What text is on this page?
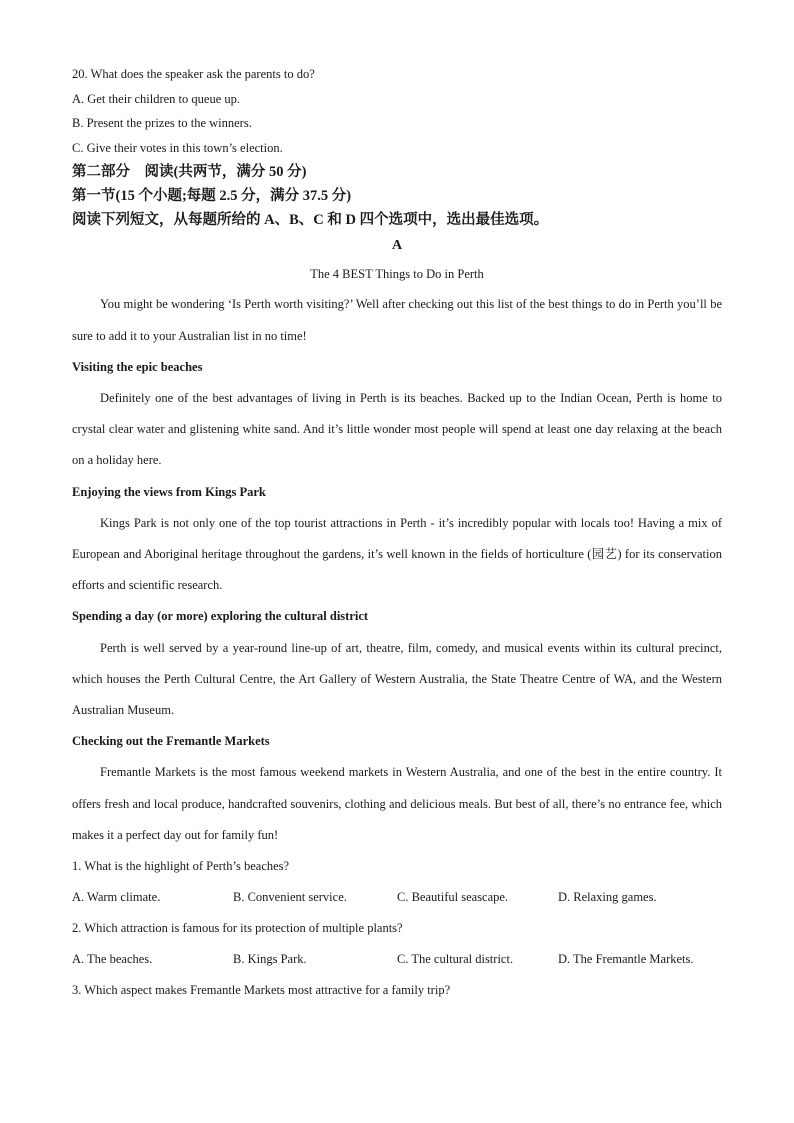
20. What does the speaker ask the parents to do?
A. Get their children to queue up.
B. Present the prizes to the winners.
C. Give their votes in this town’s election.
第二部分　阅读(共两节，满分 50 分)
第一节(15 个小题;每题 2.5 分，满分 37.5 分)
阅读下列短文，从每题所给的 A、B、C 和 D 四个选项中，选出最佳选项。
A
The 4 BEST Things to Do in Perth

You might be wondering ‘Is Perth worth visiting?’ Well after checking out this list of the best things to do in Perth you’ll be sure to add it to your Australian list in no time!

Visiting the epic beaches

Definitely one of the best advantages of living in Perth is its beaches. Backed up to the Indian Ocean, Perth is home to crystal clear water and glistening white sand. And it’s little wonder most people will spend at least one day relaxing at the beach on a holiday here.

Enjoying the views from Kings Park

Kings Park is not only one of the top tourist attractions in Perth - it’s incredibly popular with locals too! Having a mix of European and Aboriginal heritage throughout the gardens, it’s well known in the fields of horticulture (园艺) for its conservation efforts and scientific research.

Spending a day (or more) exploring the cultural district

Perth is well served by a year-round line-up of art, theatre, film, comedy, and musical events within its cultural precinct, which houses the Perth Cultural Centre, the Art Gallery of Western Australia, the State Theatre Centre of WA, and the Western Australian Museum.

Checking out the Fremantle Markets

Fremantle Markets is the most famous weekend markets in Western Australia, and one of the best in the entire country. It offers fresh and local produce, handcrafted souvenirs, clothing and delicious meals. But best of all, there’s no entrance fee, which makes it a perfect day out for family fun!

1. What is the highlight of Perth’s beaches?
A. Warm climate.	B. Convenient service.	C. Beautiful seascape.	D. Relaxing games.
2. Which attraction is famous for its protection of multiple plants?
A. The beaches.	B. Kings Park.	C. The cultural district.	D. The Fremantle Markets.
3. Which aspect makes Fremantle Markets most attractive for a family trip?
